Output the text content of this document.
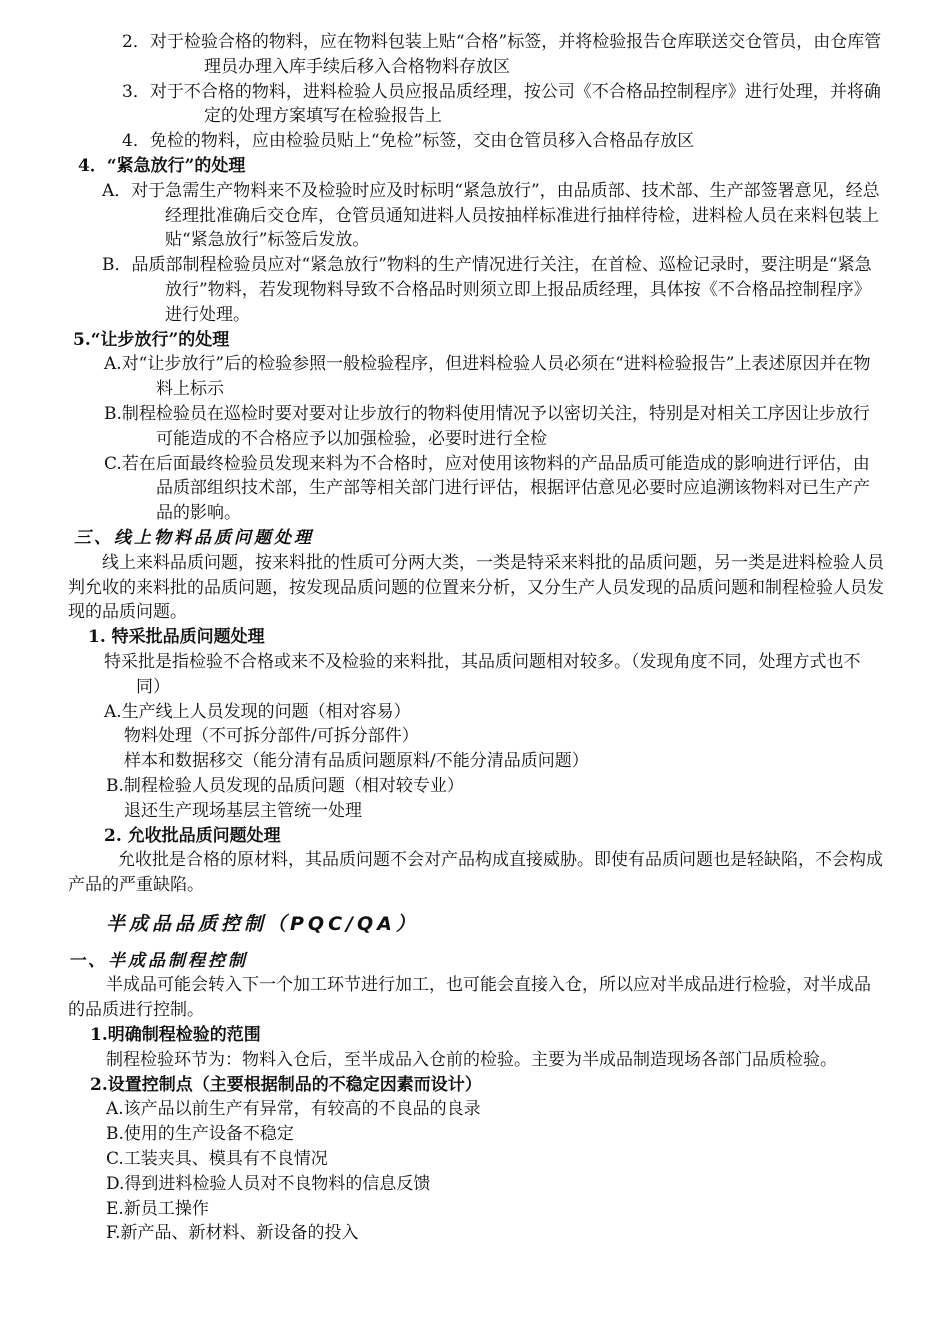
2．对于检验合格的物料，应在物料包装上贴“合格”标签，并将检验报告仓库联送交仓管员，由仓库管理员办理入库手续后移入合格物料存放区

3．对于不合格的物料，进料检验人员应报品质经理，按公司《不合格品控制程序》进行处理，并将确定的处理方案填写在检验报告上

4．免检的物料，应由检验员贴上“免检”标签，交由仓管员移入合格品存放区

4．“紧急放行”的处理

A．对于急需生产物料来不及检验时应及时标明“紧急放行”，由品质部、技术部、生产部签署意见，经总经理批准确后交仓库，仓管员通知进料人员按抽样标准进行抽样待检，进料检人员在来料包装上贴“紧急放行”标签后发放。

B．品质部制程检验员应对“紧急放行”物料的生产情况进行关注，在首检、巡检记录时，要注明是“紧急放行”物料，若发现物料导致不合格品时则须立即上报品质经理，具体按《不合格品控制程序》进行处理。

5.“让步放行”的处理

A.对“让步放行”后的检验参照一般检验程序，但进料检验人员必须在“进料检验报告”上表述原因并在物料上标示

B.制程检验员在巡检时要对要对让步放行的物料使用情况予以密切关注，特别是对相关工序因让步放行可能造成的不合格应予以加强检验，必要时进行全检

C.若在后面最终检验员发现来料为不合格时，应对使用该物料的产品品质可能造成的影响进行评估，由品质部组织技术部，生产部等相关部门进行评估，根据评估意见必要时应追溯该物料对已生产产品的影响。

三、线上物料品质问题处理

线上来料品质问题，按来料批的性质可分两大类，一类是特采来料批的品质问题，另一类是进料检验人员判允收的来料批的品质问题，按发现品质问题的位置来分析，又分生产人员发现的品质问题和制程检验人员发现的品质问题。

1. 特采批品质问题处理

特采批是指检验不合格或来不及检验的来料批，其品质问题相对较多。（发现角度不同，处理方式也不同）

A.生产线上人员发现的问题（相对容易）

物料处理（不可拆分部件/可拆分部件）

样本和数据移交（能分清有品质问题原料/不能分清品质问题）

B.制程检验人员发现的品质问题（相对较专业）

退还生产现场基层主管统一处理

2. 允收批品质问题处理

允收批是合格的原材料，其品质问题不会对产品构成直接威胁。即使有品质问题也是轻缺陷，不会构成产品的严重缺陷。

半成品品质控制（PQC/QA）

一、半成品制程控制

半成品可能会转入下一个加工环节进行加工，也可能会直接入仓，所以应对半成品进行检验，对半成品的品质进行控制。

1.明确制程检验的范围

制程检验环节为：物料入仓后，至半成品入仓前的检验。主要为半成品制造现场各部门品质检验。

2.设置控制点（主要根据制品的不稳定因素而设计）

A.该产品以前生产有异常，有较高的不良品的良录

B.使用的生产设备不稳定

C.工装夹具、模具有不良情况

D.得到进料检验人员对不良物料的信息反馈

E.新员工操作

F.新产品、新材料、新设备的投入
